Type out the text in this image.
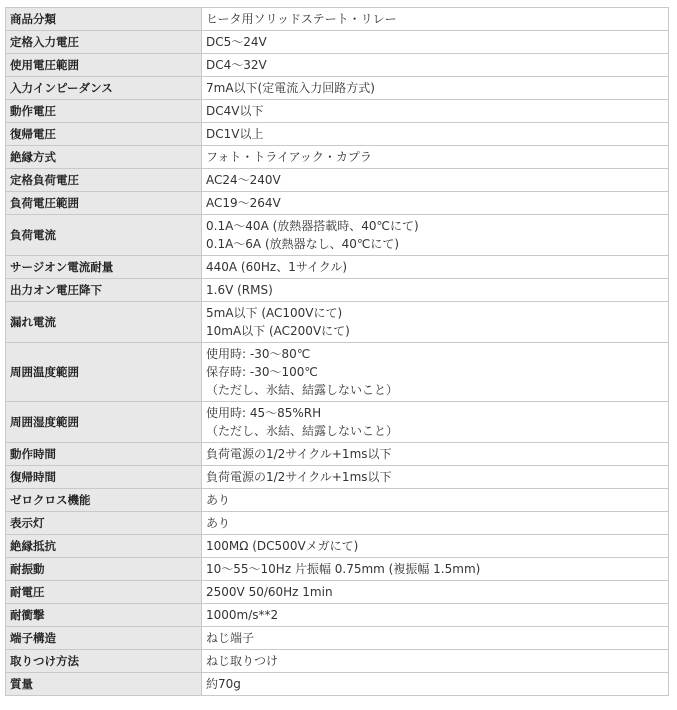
商品分類	ヒータ用ソリッドステート・リレー

定格入力電圧	DC5～24V

使用電圧範囲	DC4～32V

入力インピーダンス	7mA以下(定電流入力回路方式)

動作電圧	DC4V以下

復帰電圧	DC1V以上

絶縁方式	フォト・トライアック・カプラ

定格負荷電圧	AC24～240V

負荷電圧範囲	AC19～264V

負荷電流	0.1A～40A (放熱器搭載時、40℃にて)
0.1A～6A (放熱器なし、40℃にて)

サージオン電流耐量	440A (60Hz、1サイクル)

出力オン電圧降下	1.6V (RMS)

漏れ電流	5mA以下 (AC100Vにて)
10mA以下 (AC200Vにて)

周囲温度範囲	使用時: -30～80℃
保存時: -30～100℃
（ただし、氷結、結露しないこと）

周囲湿度範囲	使用時: 45～85%RH
（ただし、氷結、結露しないこと）

動作時間	負荷電源の1/2サイクル+1ms以下

復帰時間	負荷電源の1/2サイクル+1ms以下

ゼロクロス機能	あり

表示灯	あり

絶縁抵抗	100MΩ (DC500Vメガにて)

耐振動	10～55～10Hz 片振幅 0.75mm (複振幅 1.5mm)

耐電圧	2500V 50/60Hz 1min

耐衝撃	1000m/s**2

端子構造	ねじ端子

取りつけ方法	ねじ取りつけ

質量	約70g
